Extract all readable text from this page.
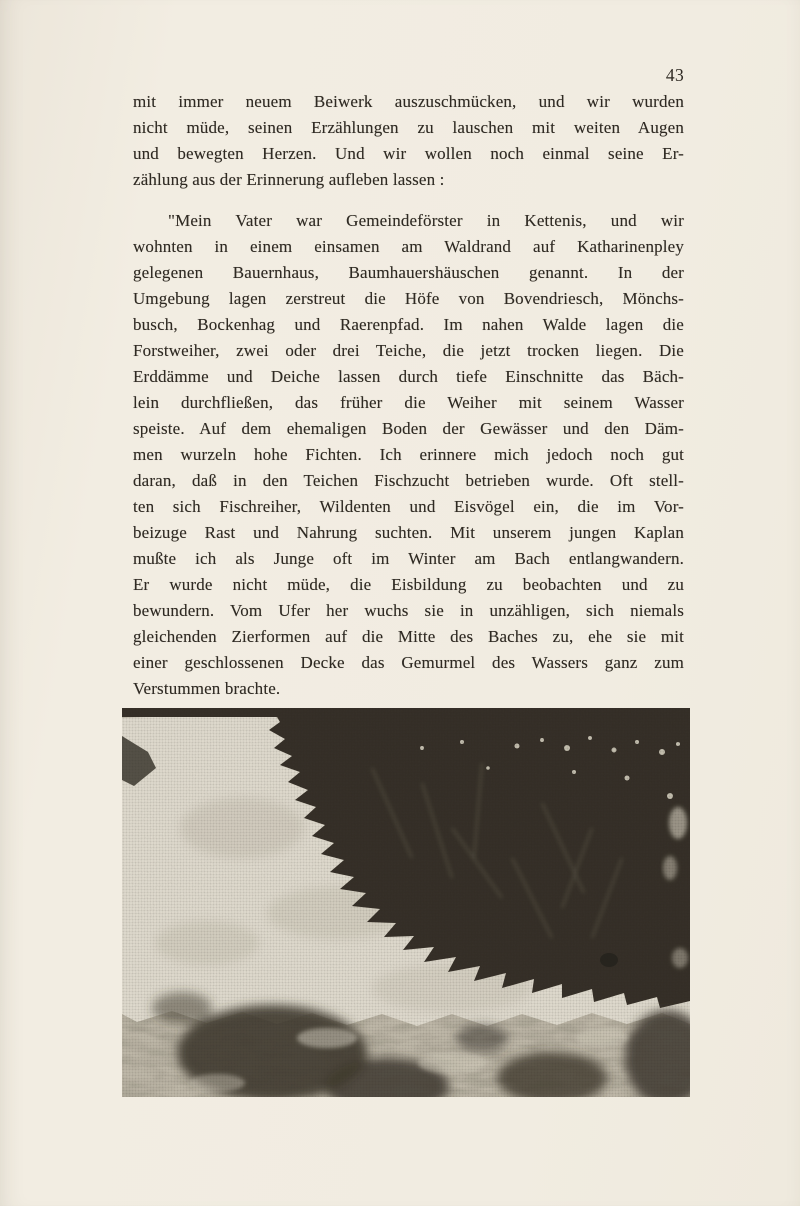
43
mit immer neuem Beiwerk auszuschmücken, und wir wurden
nicht müde, seinen Erzählungen zu lauschen mit weiten Augen
und bewegten Herzen. Und wir wollen noch einmal seine Er-
zählung aus der Erinnerung aufleben lassen :
"Mein Vater war Gemeindeförster in Kettenis, und wir
wohnten in einem einsamen am Waldrand auf Katharinenpley
gelegenen Bauernhaus, Baumhauershäuschen genannt. In der
Umgebung lagen zerstreut die Höfe von Bovendriesch, Mönchs-
busch, Bockenhag und Raerenpfad. Im nahen Walde lagen die
Forstweiher, zwei oder drei Teiche, die jetzt trocken liegen. Die
Erddämme und Deiche lassen durch tiefe Einschnitte das Bäch-
lein durchfließen, das früher die Weiher mit seinem Wasser
speiste. Auf dem ehemaligen Boden der Gewässer und den Däm-
men wurzeln hohe Fichten. Ich erinnere mich jedoch noch gut
daran, daß in den Teichen Fischzucht betrieben wurde. Oft stell-
ten sich Fischreiher, Wildenten und Eisvögel ein, die im Vor-
beizuge Rast und Nahrung suchten. Mit unserem jungen Kaplan
mußte ich als Junge oft im Winter am Bach entlangwandern.
Er wurde nicht müde, die Eisbildung zu beobachten und zu
bewundern. Vom Ufer her wuchs sie in unzähligen, sich niemals
gleichenden Zierformen auf die Mitte des Baches zu, ehe sie mit
einer geschlossenen Decke das Gemurmel des Wassers ganz zum
Verstummen brachte.
